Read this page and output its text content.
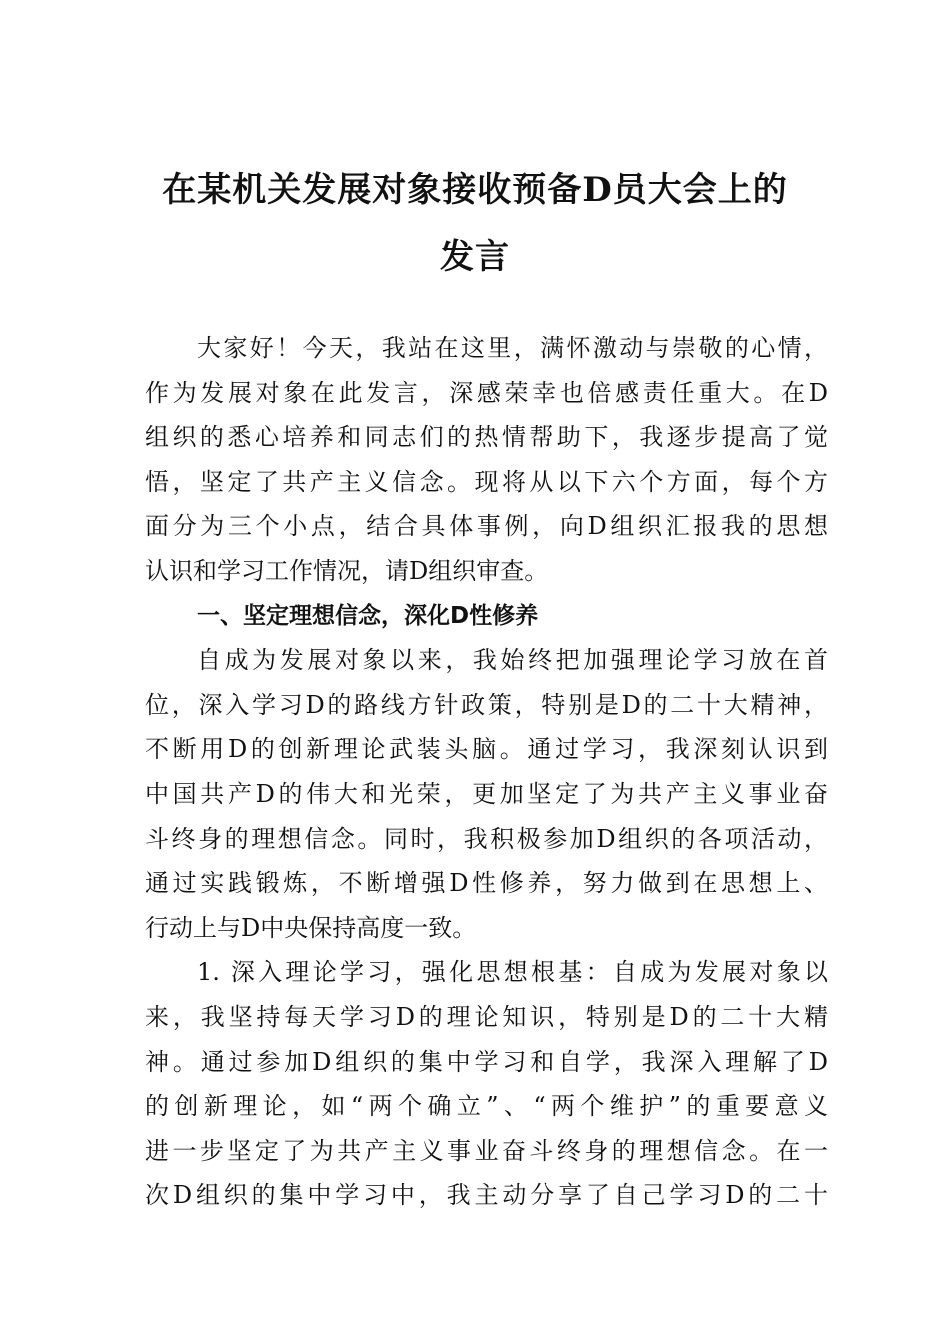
在某机关发展对象接收预备D员大会上的
发言
大家好！今天，我站在这里，满怀激动与崇敬的心情，
作为发展对象在此发言，深感荣幸也倍感责任重大。在D
组织的悉心培养和同志们的热情帮助下，我逐步提高了觉
悟，坚定了共产主义信念。现将从以下六个方面，每个方
面分为三个小点，结合具体事例，向D组织汇报我的思想
认识和学习工作情况，请D组织审查。
一、坚定理想信念，深化D性修养
自成为发展对象以来，我始终把加强理论学习放在首
位，深入学习D的路线方针政策，特别是D的二十大精神，
不断用D的创新理论武装头脑。通过学习，我深刻认识到
中国共产D的伟大和光荣，更加坚定了为共产主义事业奋
斗终身的理想信念。同时，我积极参加D组织的各项活动，
通过实践锻炼，不断增强D性修养，努力做到在思想上、
行动上与D中央保持高度一致。
1. 深入理论学习，强化思想根基：自成为发展对象以
来，我坚持每天学习D的理论知识，特别是D的二十大精
神。通过参加D组织的集中学习和自学，我深入理解了D
的创新理论，如“两个确立”、“两个维护”的重要意义
进一步坚定了为共产主义事业奋斗终身的理想信念。在一
次D组织的集中学习中，我主动分享了自己学习D的二十
